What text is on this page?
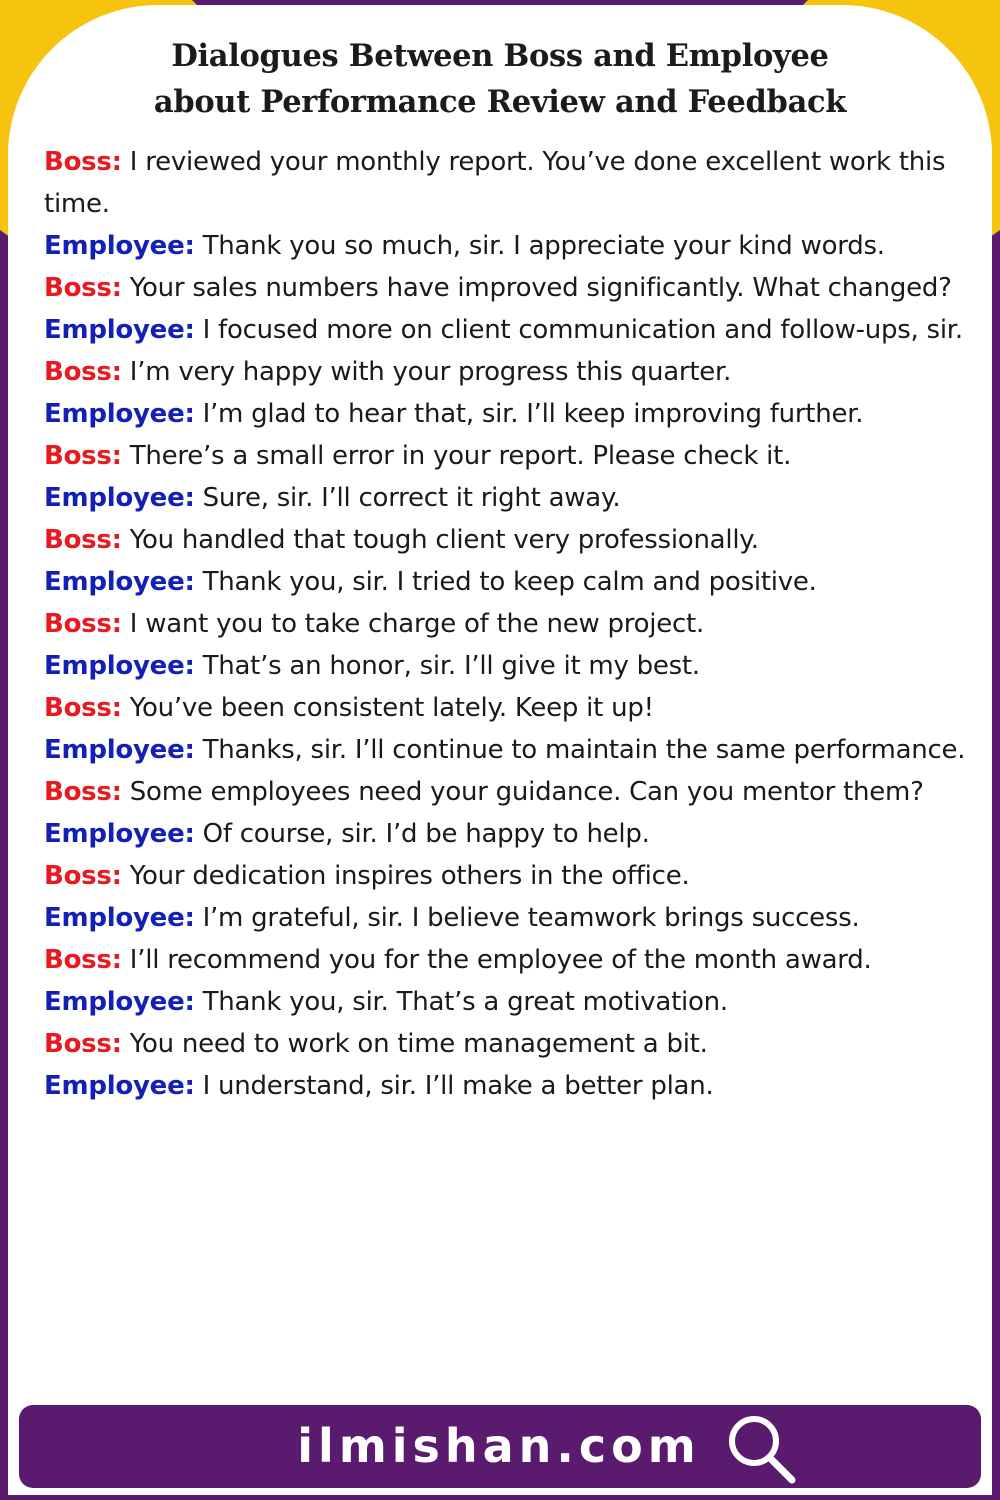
Dialogues Between Boss and Employee
about Performance Review and Feedback
Boss: I reviewed your monthly report. You’ve done excellent work this time.
Employee: Thank you so much, sir. I appreciate your kind words.
Boss: Your sales numbers have improved significantly. What changed?
Employee: I focused more on client communication and follow-ups, sir.
Boss: I’m very happy with your progress this quarter.
Employee: I’m glad to hear that, sir. I’ll keep improving further.
Boss: There’s a small error in your report. Please check it.
Employee: Sure, sir. I’ll correct it right away.
Boss: You handled that tough client very professionally.
Employee: Thank you, sir. I tried to keep calm and positive.
Boss: I want you to take charge of the new project.
Employee: That’s an honor, sir. I’ll give it my best.
Boss: You’ve been consistent lately. Keep it up!
Employee: Thanks, sir. I’ll continue to maintain the same performance.
Boss: Some employees need your guidance. Can you mentor them?
Employee: Of course, sir. I’d be happy to help.
Boss: Your dedication inspires others in the office.
Employee: I’m grateful, sir. I believe teamwork brings success.
Boss: I’ll recommend you for the employee of the month award.
Employee: Thank you, sir. That’s a great motivation.
Boss: You need to work on time management a bit.
Employee: I understand, sir. I’ll make a better plan.
ilmishan.com
